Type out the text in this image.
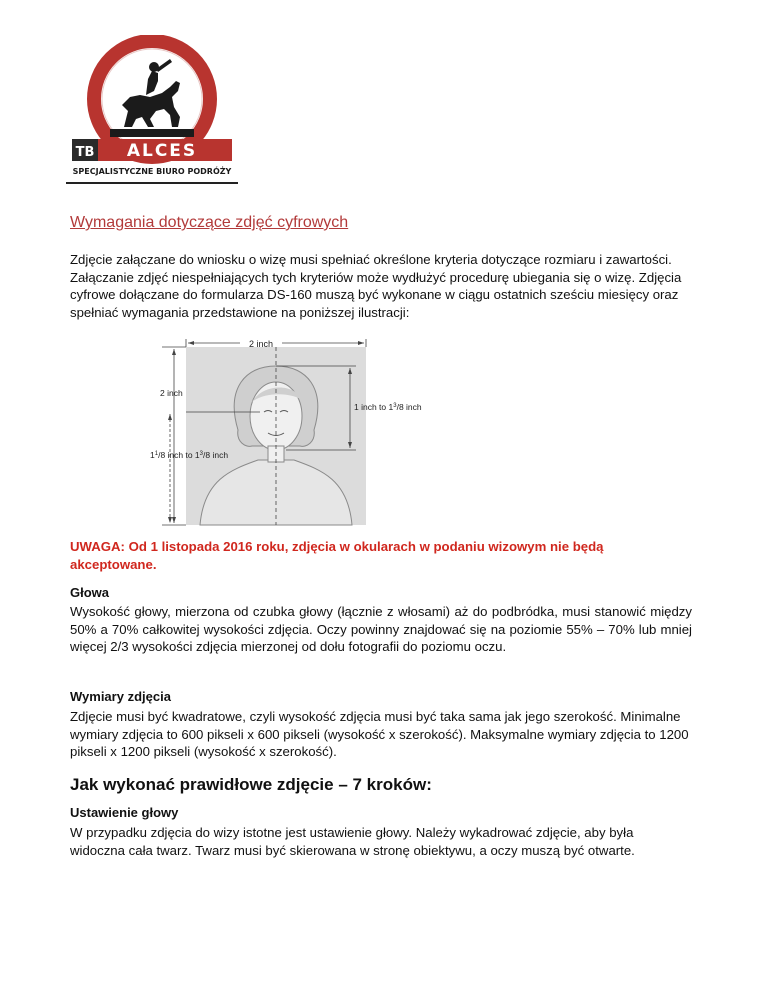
TB ALCES
SPECJALISTYCZNE BIURO PODRÓŻY
Wymagania dotyczące zdjęć cyfrowych

Zdjęcie załączane do wniosku o wizę musi spełniać określone kryteria dotyczące rozmiaru i zawartości. Załączanie zdjęć niespełniających tych kryteriów może wydłużyć procedurę ubiegania się o wizę. Zdjęcia cyfrowe dołączane do formularza DS-160 muszą być wykonane w ciągu ostatnich sześciu miesięcy oraz spełniać wymagania przedstawione na poniższej ilustracji:

2 inch
2 inch
1 inch to $1^3/8$ inch
$1^1/8$ inch to $1^3/8$ inch

UWAGA: Od 1 listopada 2016 roku, zdjęcia w okularach w podaniu wizowym nie będą akceptowane.

Głowa

Wysokość głowy, mierzona od czubka głowy (łącznie z włosami) aż do podbródka, musi stanowić między 50% a 70% całkowitej wysokości zdjęcia. Oczy powinny znajdować się na poziomie 55% – 70% lub mniej więcej 2/3 wysokości zdjęcia mierzonej od dołu fotografii do poziomu oczu.

Wymiary zdjęcia

Zdjęcie musi być kwadratowe, czyli wysokość zdjęcia musi być taka sama jak jego szerokość. Minimalne wymiary zdjęcia to 600 pikseli x 600 pikseli (wysokość x szerokość). Maksymalne wymiary zdjęcia to 1200 pikseli x 1200 pikseli (wysokość x szerokość).

Jak wykonać prawidłowe zdjęcie – 7 kroków:
Ustawienie głowy

W przypadku zdjęcia do wizy istotne jest ustawienie głowy. Należy wykadrować zdjęcie, aby była widoczna cała twarz. Twarz musi być skierowana w stronę obiektywu, a oczy muszą być otwarte.
